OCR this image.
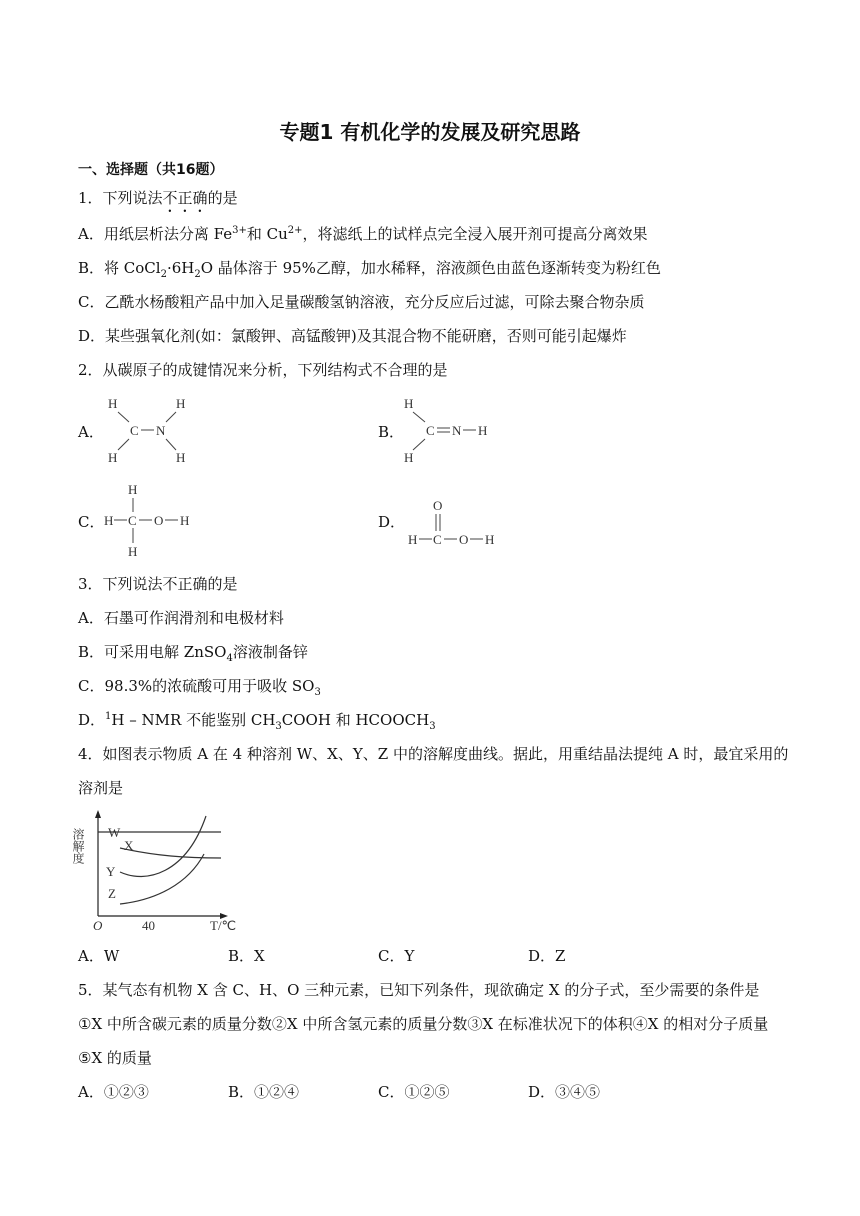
专题1 有机化学的发展及研究思路
一、选择题（共16题）
1．下列说法不正确的是
A．用纸层析法分离 $Fe^{3+}$和 $Cu^{2+}$，将滤纸上的试样点完全浸入展开剂可提高分离效果
B．将 $CoCl_2\cdot 6H_2O$ 晶体溶于 95%乙醇，加水稀释，溶液颜色由蓝色逐渐转变为粉红色
C．乙酰水杨酸粗产品中加入足量碳酸氢钠溶液，充分反应后过滤，可除去聚合物杂质
D．某些强氧化剂(如：氯酸钾、高锰酸钾)及其混合物不能研磨，否则可能引起爆炸
2．从碳原子的成键情况来分析，下列结构式不合理的是
A．
H	H
C N
H	H
B．
H
C N H
H
C．
H
H C O H
H
D．
O
H C O H
3．下列说法不正确的是
A．石墨可作润滑剂和电极材料
B．可采用电解 ZnSO$_4$溶液制备锌
C．98.3%的浓硫酸可用于吸收 $SO_3$
D．$^1$H – NMR 不能鉴别 $CH_3COOH$ 和 $HCOOCH_3$
4．如图表示物质 A 在 4 种溶剂 W、X、Y、Z 中的溶解度曲线。据此，用重结晶法提纯 A 时，最宜采用的
溶剂是
溶解度 W
X
Y
Z
O	40	T/℃
A．W	B．X	C．Y	D．Z
5．某气态有机物 X 含 C、H、O 三种元素，已知下列条件，现欲确定 X 的分子式，至少需要的条件是
①X 中所含碳元素的质量分数②X 中所含氢元素的质量分数③X 在标准状况下的体积④X 的相对分子质量
⑤X 的质量
A．①②③	B．①②④	C．①②⑤	D．③④⑤
